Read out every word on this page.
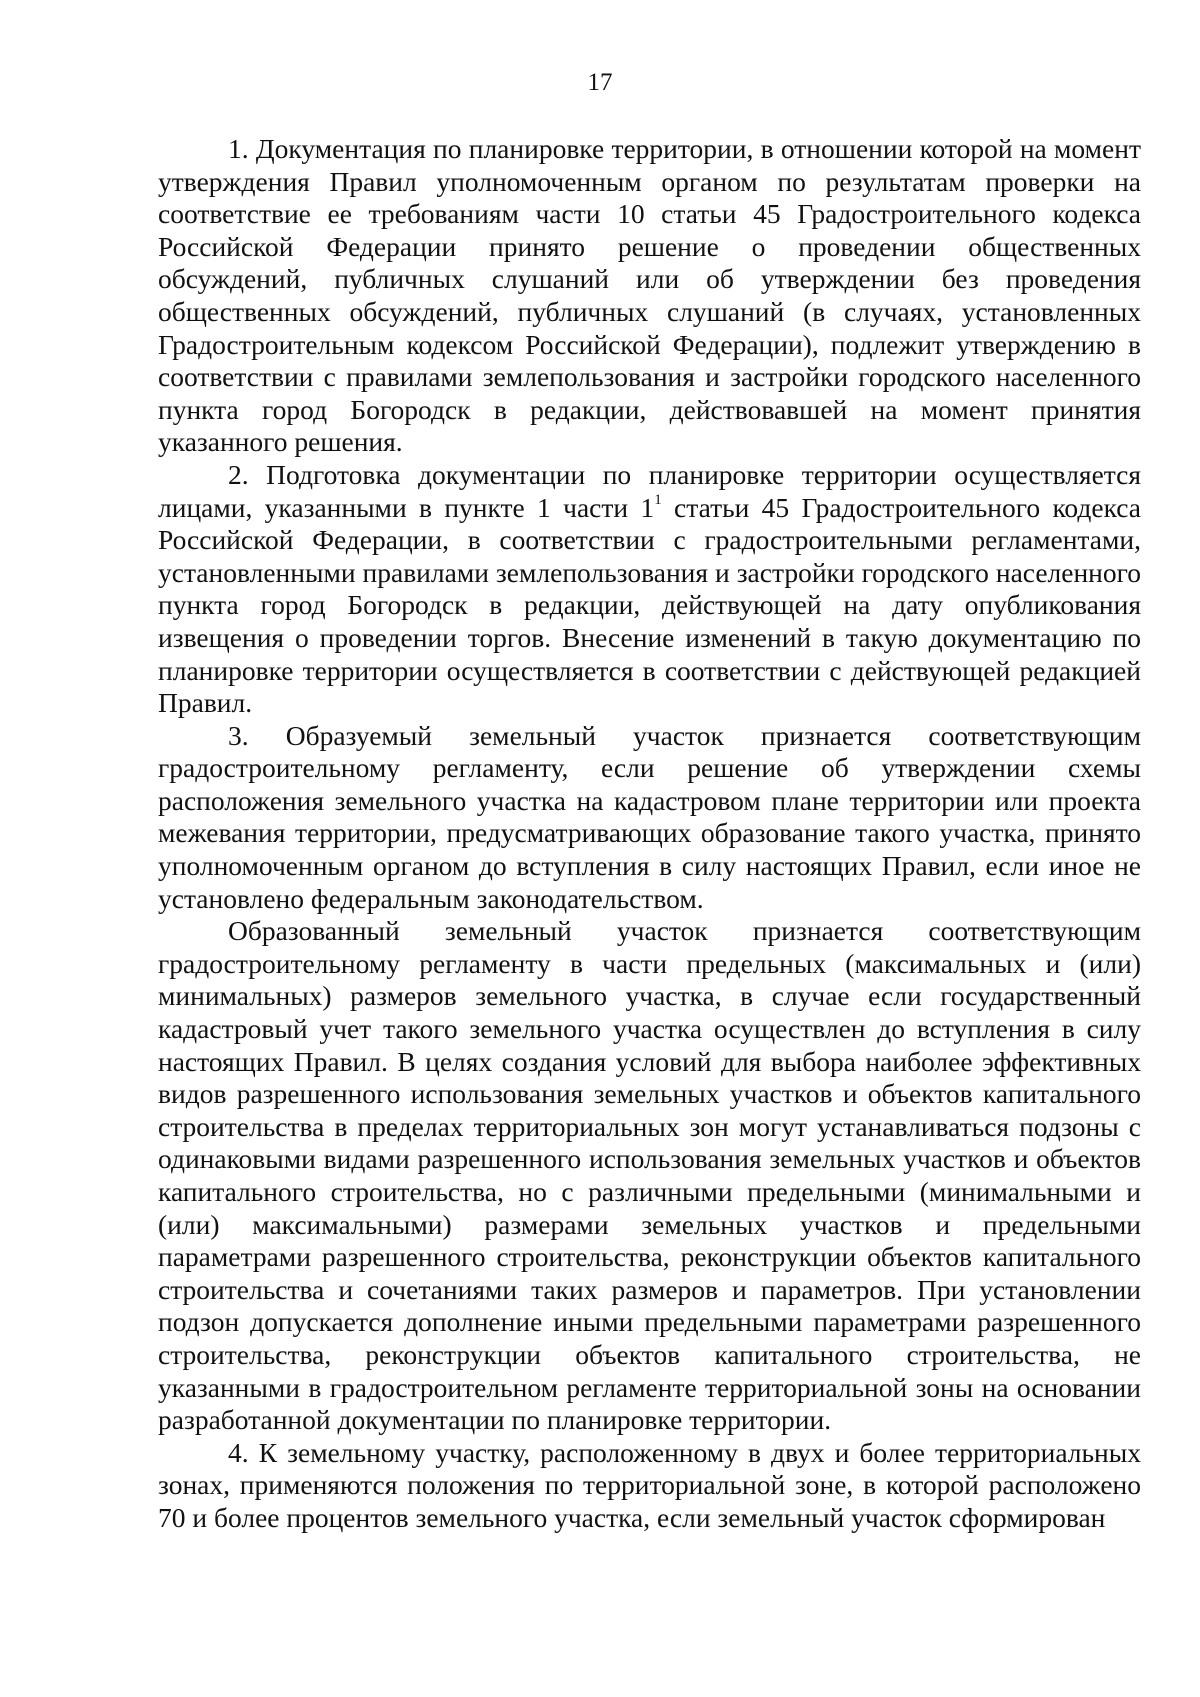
17

1. Документация по планировке территории, в отношении которой на момент утверждения Правил уполномоченным органом по результатам проверки на соответствие ее требованиям части 10 статьи 45 Градостроительного кодекса Российской Федерации принято решение о проведении общественных обсуждений, публичных слушаний или об утверждении без проведения общественных обсуждений, публичных слушаний (в случаях, установленных Градостроительным кодексом Российской Федерации), подлежит утверждению в соответствии с правилами землепользования и застройки городского населенного пункта город Богородск в редакции, действовавшей на момент принятия указанного решения.

2. Подготовка документации по планировке территории осуществляется лицами, указанными в пункте 1 части $1^1$ статьи 45 Градостроительного кодекса Российской Федерации, в соответствии с градостроительными регламентами, установленными правилами землепользования и застройки городского населенного пункта город Богородск в редакции, действующей на дату опубликования извещения о проведении торгов. Внесение изменений в такую документацию по планировке территории осуществляется в соответствии с действующей редакцией Правил.

3. Образуемый земельный участок признается соответствующим градостроительному регламенту, если решение об утверждении схемы расположения земельного участка на кадастровом плане территории или проекта межевания территории, предусматривающих образование такого участка, принято уполномоченным органом до вступления в силу настоящих Правил, если иное не установлено федеральным законодательством.

Образованный земельный участок признается соответствующим градостроительному регламенту в части предельных (максимальных и (или) минимальных) размеров земельного участка, в случае если государственный кадастровый учет такого земельного участка осуществлен до вступления в силу настоящих Правил. В целях создания условий для выбора наиболее эффективных видов разрешенного использования земельных участков и объектов капитального строительства в пределах территориальных зон могут устанавливаться подзоны с одинаковыми видами разрешенного использования земельных участков и объектов капитального строительства, но с различными предельными (минимальными и (или) максимальными) размерами земельных участков и предельными параметрами разрешенного строительства, реконструкции объектов капитального строительства и сочетаниями таких размеров и параметров. При установлении подзон допускается дополнение иными предельными параметрами разрешенного строительства, реконструкции объектов капитального строительства, не указанными в градостроительном регламенте территориальной зоны на основании разработанной документации по планировке территории.

4. К земельному участку, расположенному в двух и более территориальных зонах, применяются положения по территориальной зоне, в которой расположено 70 и более процентов земельного участка, если земельный участок сформирован
